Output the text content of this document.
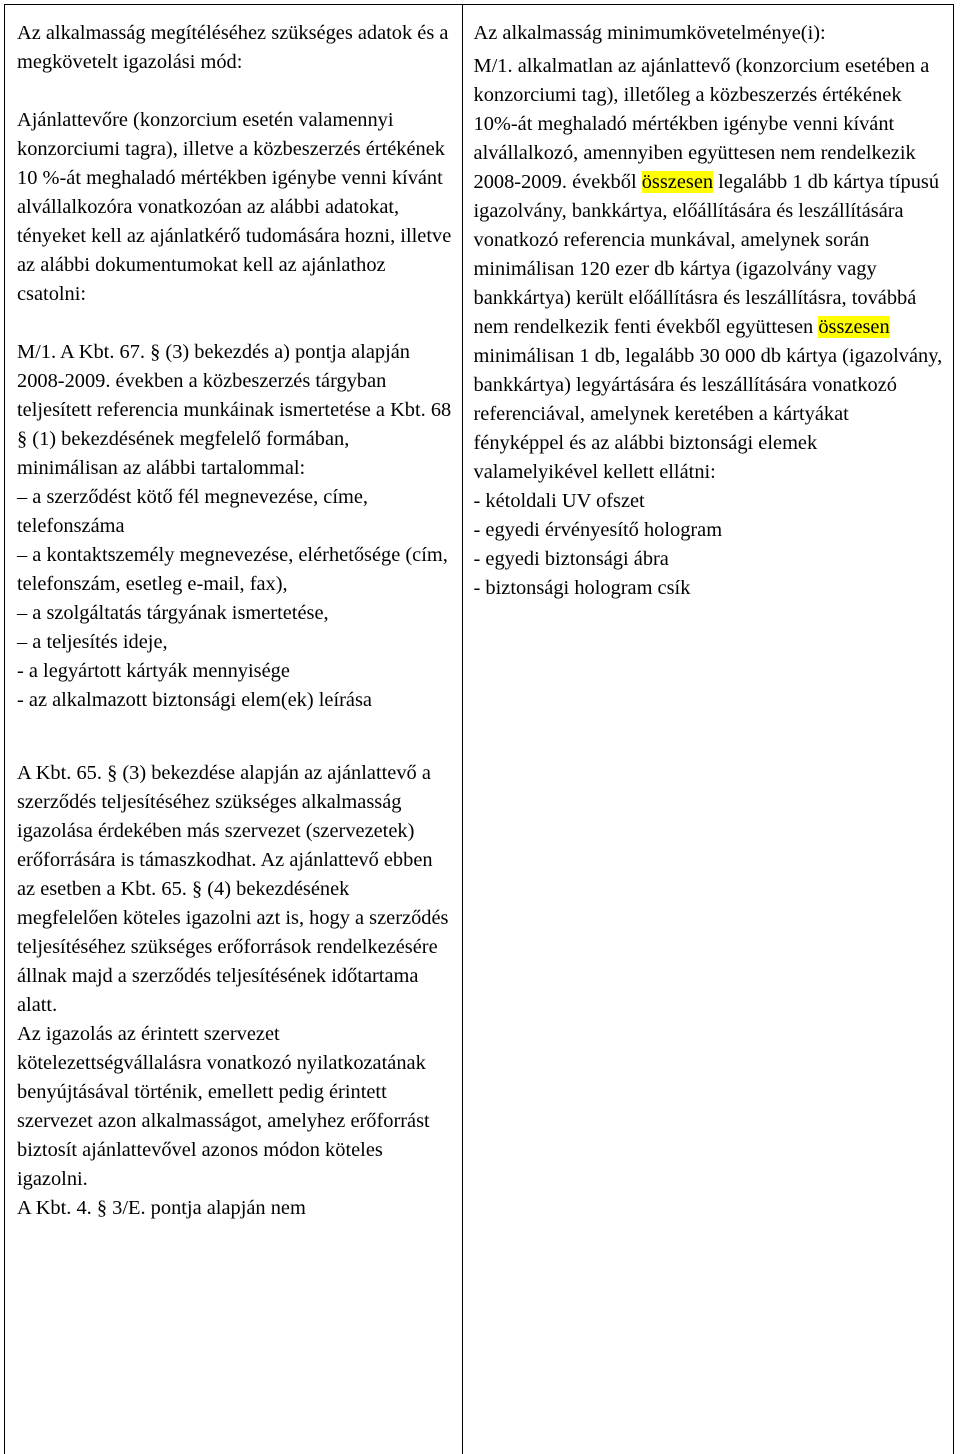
Az alkalmasság megítéléséhez szükséges adatok és a megkövetelt igazolási mód:

Ajánlattevőre (konzorcium esetén valamennyi konzorciumi tagra), illetve a közbeszerzés értékének 10 %-át meghaladó mértékben igénybe venni kívánt alvállalkozóra vonatkozóan az alábbi adatokat, tényeket kell az ajánlatkérő tudomására hozni, illetve az alábbi dokumentumokat kell az ajánlathoz csatolni:

M/1. A Kbt. 67. § (3) bekezdés a) pontja alapján 2008-2009. években a közbeszerzés tárgyban teljesített referencia munkáinak ismertetése a Kbt. 68 § (1) bekezdésének megfelelő formában, minimálisan az alábbi tartalommal:

– a szerződést kötő fél megnevezése, címe, telefonszáma

– a kontaktszemély megnevezése, elérhetősége (cím, telefonszám, esetleg e-mail, fax),

– a szolgáltatás tárgyának ismertetése,

– a teljesítés ideje,

- a legyártott kártyák mennyisége

- az alkalmazott biztonsági elem(ek) leírása

A Kbt. 65. § (3) bekezdése alapján az ajánlattevő a szerződés teljesítéséhez szükséges alkalmasság igazolása érdekében más szervezet (szervezetek) erőforrására is támaszkodhat. Az ajánlattevő ebben az esetben a Kbt. 65. § (4) bekezdésének megfelelően köteles igazolni azt is, hogy a szerződés teljesítéséhez szükséges erőforrások rendelkezésére állnak majd a szerződés teljesítésének időtartama alatt.

Az igazolás az érintett szervezet kötelezettségvállalásra vonatkozó nyilatkozatának benyújtásával történik, emellett pedig érintett szervezet azon alkalmasságot, amelyhez erőforrást biztosít ajánlattevővel azonos módon köteles igazolni.

A Kbt. 4. § 3/E. pontja alapján nem

Az alkalmasság minimumkövetelménye(i):

M/1. alkalmatlan az ajánlattevő (konzorcium esetében a konzorciumi tag), illetőleg a közbeszerzés értékének 10%-át meghaladó mértékben igénybe venni kívánt alvállalkozó, amennyiben együttesen nem rendelkezik 2008-2009. évekből összesen legalább 1 db kártya típusú igazolvány, bankkártya, előállítására és leszállítására vonatkozó referencia munkával, amelynek során minimálisan 120 ezer db kártya (igazolvány vagy bankkártya) került előállításra és leszállításra, továbbá nem rendelkezik fenti évekből együttesen összesen minimálisan 1 db, legalább 30 000 db kártya (igazolvány, bankkártya) legyártására és leszállítására vonatkozó referenciával, amelynek keretében a kártyákat fényképpel és az alábbi biztonsági elemek valamelyikével kellett ellátni:

- kétoldali UV ofszet

- egyedi érvényesítő hologram

- egyedi biztonsági ábra

- biztonsági hologram csík
